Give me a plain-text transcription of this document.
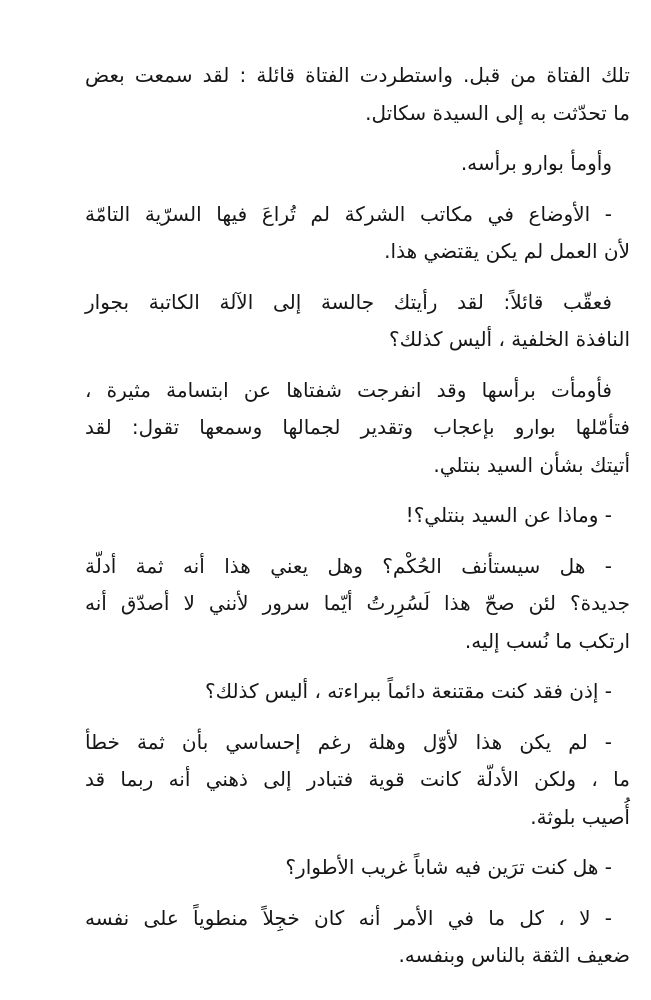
تلك الفتاة من قبل. واستطردت الفتاة قائلة : لقد سمعت بعض
ما تحدّثت به إلى السيدة سكاتل.
وأومأ بوارو برأسه.
- الأوضاع في مكاتب الشركة لم تُراعَ فيها السرّية التامّة
لأن العمل لم يكن يقتضي هذا.
فعقّب قائلاً: لقد رأيتك جالسة إلى الآلة الكاتبة بجوار
النافذة الخلفية ، أليس كذلك؟
فأومأت برأسها وقد انفرجت شفتاها عن ابتسامة مثيرة ،
فتأمّلها بوارو بإعجاب وتقدير لجمالها وسمعها تقول: لقد
أتيتك بشأن السيد بنتلي.
- وماذا عن السيد بنتلي؟!
- هل سيستأنف الحُكْم؟ وهل يعني هذا أنه ثمة أدلّة
جديدة؟ لئن صحّ هذا لَسُرِرتُ أيّما سرور لأنني لا أصدّق أنه
ارتكب ما نُسب إليه.
- إذن فقد كنت مقتنعة دائماً ببراءته ، أليس كذلك؟
- لم يكن هذا لأوّل وهلة رغم إحساسي بأن ثمة خطأ
ما ، ولكن الأدلّة كانت قوية فتبادر إلى ذهني أنه ربما قد
أُصيب بلوثة.
- هل كنت ترَين فيه شاباً غريب الأطوار؟
- لا ، كل ما في الأمر أنه كان خجِلاً منطوياً على نفسه
ضعيف الثقة بالناس وبنفسه.
